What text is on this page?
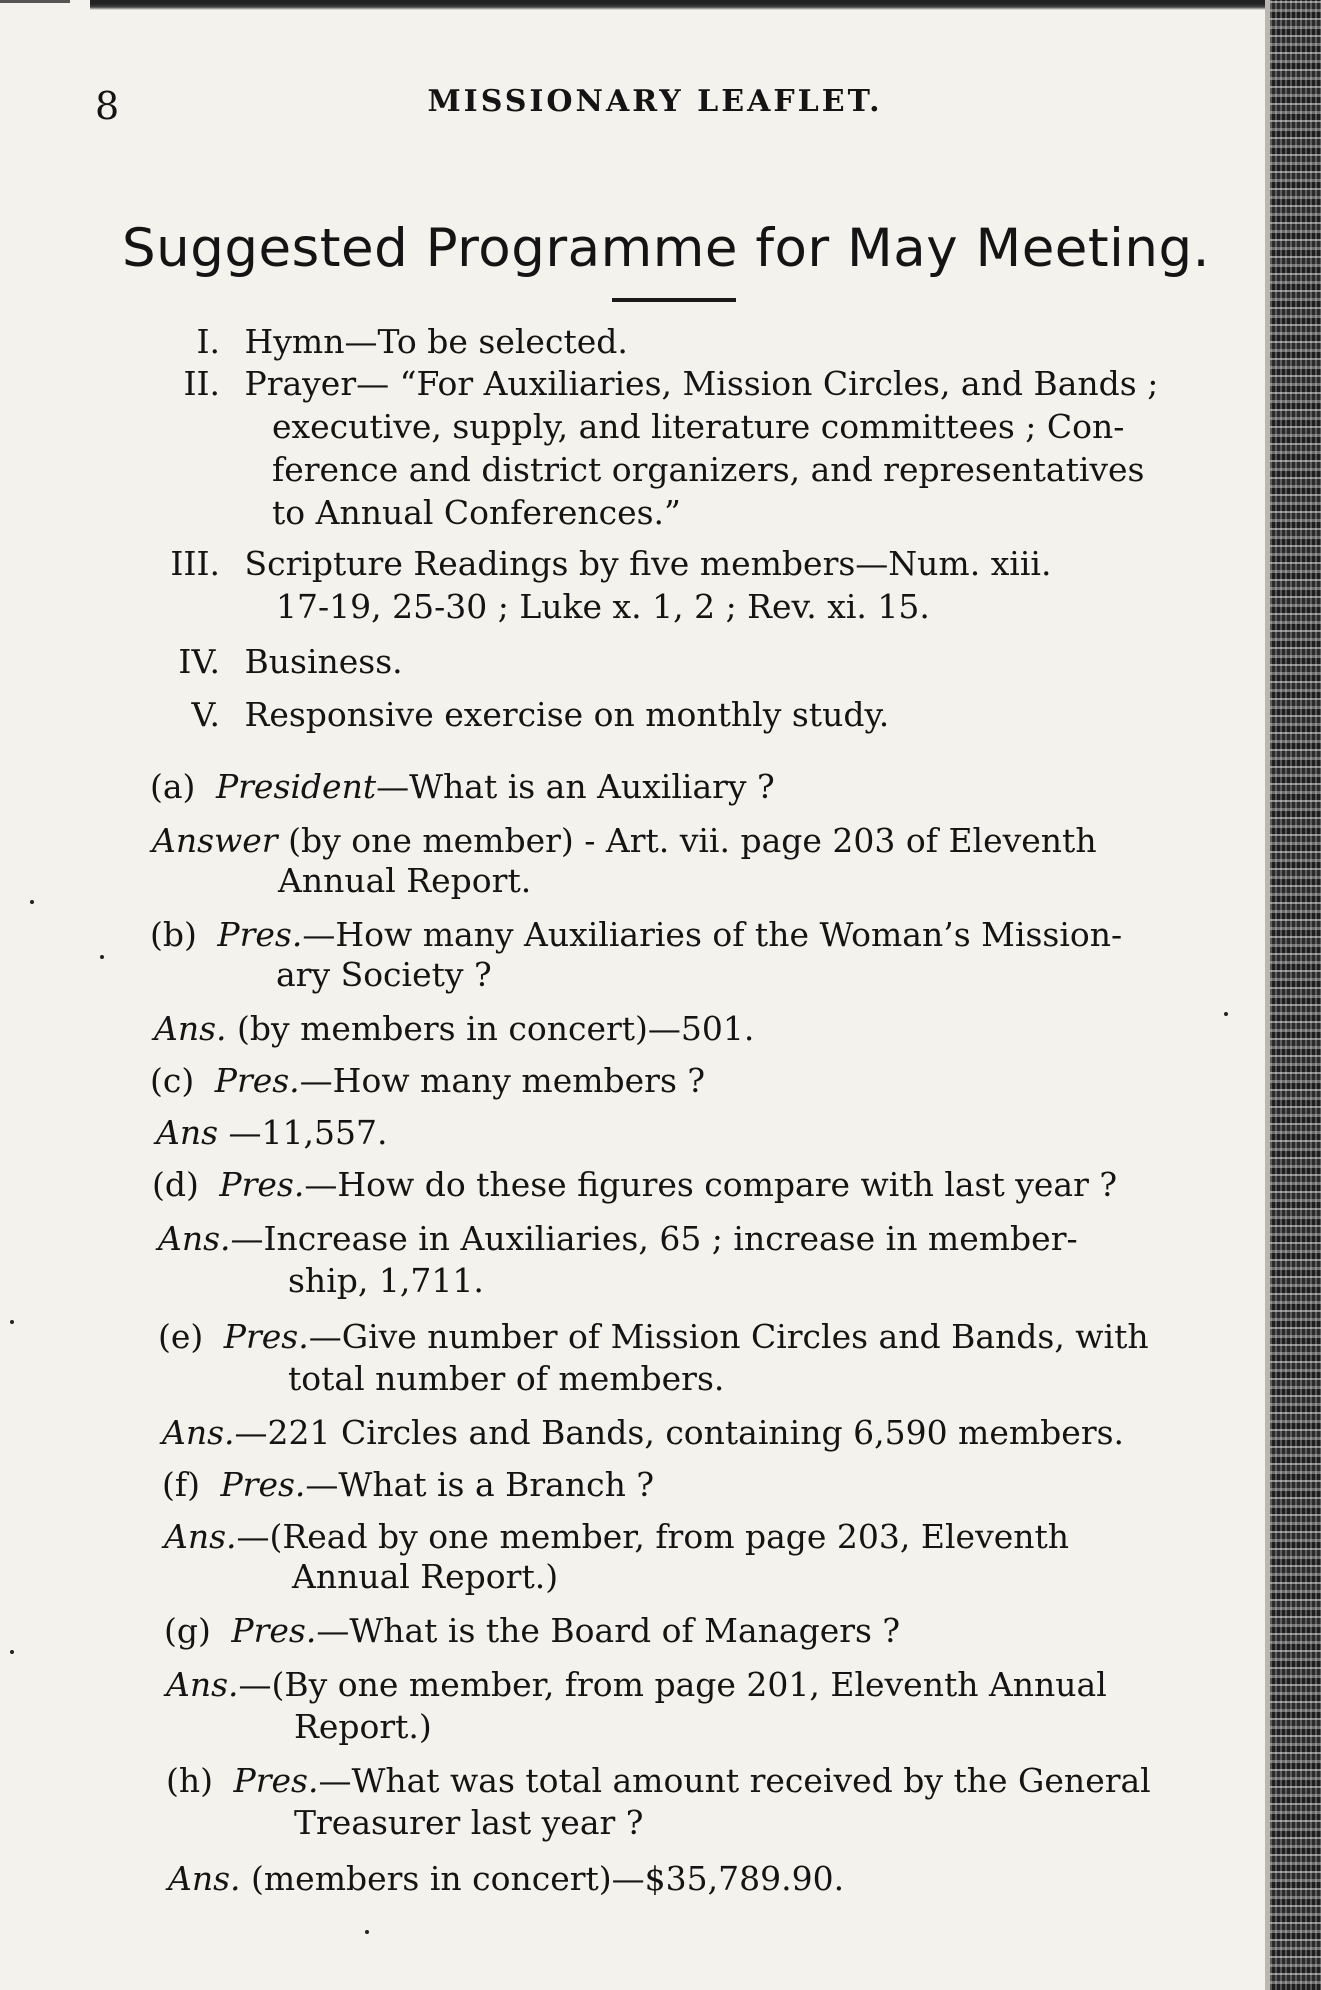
8	MISSIONARY LEAFLET.
Suggested Programme for May Meeting.
I. Hymn—To be selected.
II. Prayer— “For Auxiliaries, Mission Circles, and Bands ;
executive, supply, and literature committees ; Con-
ference and district organizers, and representatives
to Annual Conferences.”
III. Scripture Readings by five members—Num. xiii.
17-19, 25-30 ; Luke x. 1, 2 ; Rev. xi. 15.
IV. Business.
V. Responsive exercise on monthly study.
(a) President—What is an Auxiliary ?
Answer (by one member) - Art. vii. page 203 of Eleventh
Annual Report.
(b) Pres.—How many Auxiliaries of the Woman’s Mission-
ary Society ?
Ans. (by members in concert)—501.
(c) Pres.—How many members ?
Ans —11,557.
(d) Pres.—How do these figures compare with last year ?
Ans.—Increase in Auxiliaries, 65 ; increase in member-
ship, 1,711.
(e) Pres.—Give number of Mission Circles and Bands, with
total number of members.
Ans.—221 Circles and Bands, containing 6,590 members.
(f) Pres.—What is a Branch ?
Ans.—(Read by one member, from page 203, Eleventh
Annual Report.)
(g) Pres.—What is the Board of Managers ?
Ans.—(By one member, from page 201, Eleventh Annual
Report.)
(h) Pres.—What was total amount received by the General
Treasurer last year ?
Ans. (members in concert)—$35,789.90.
